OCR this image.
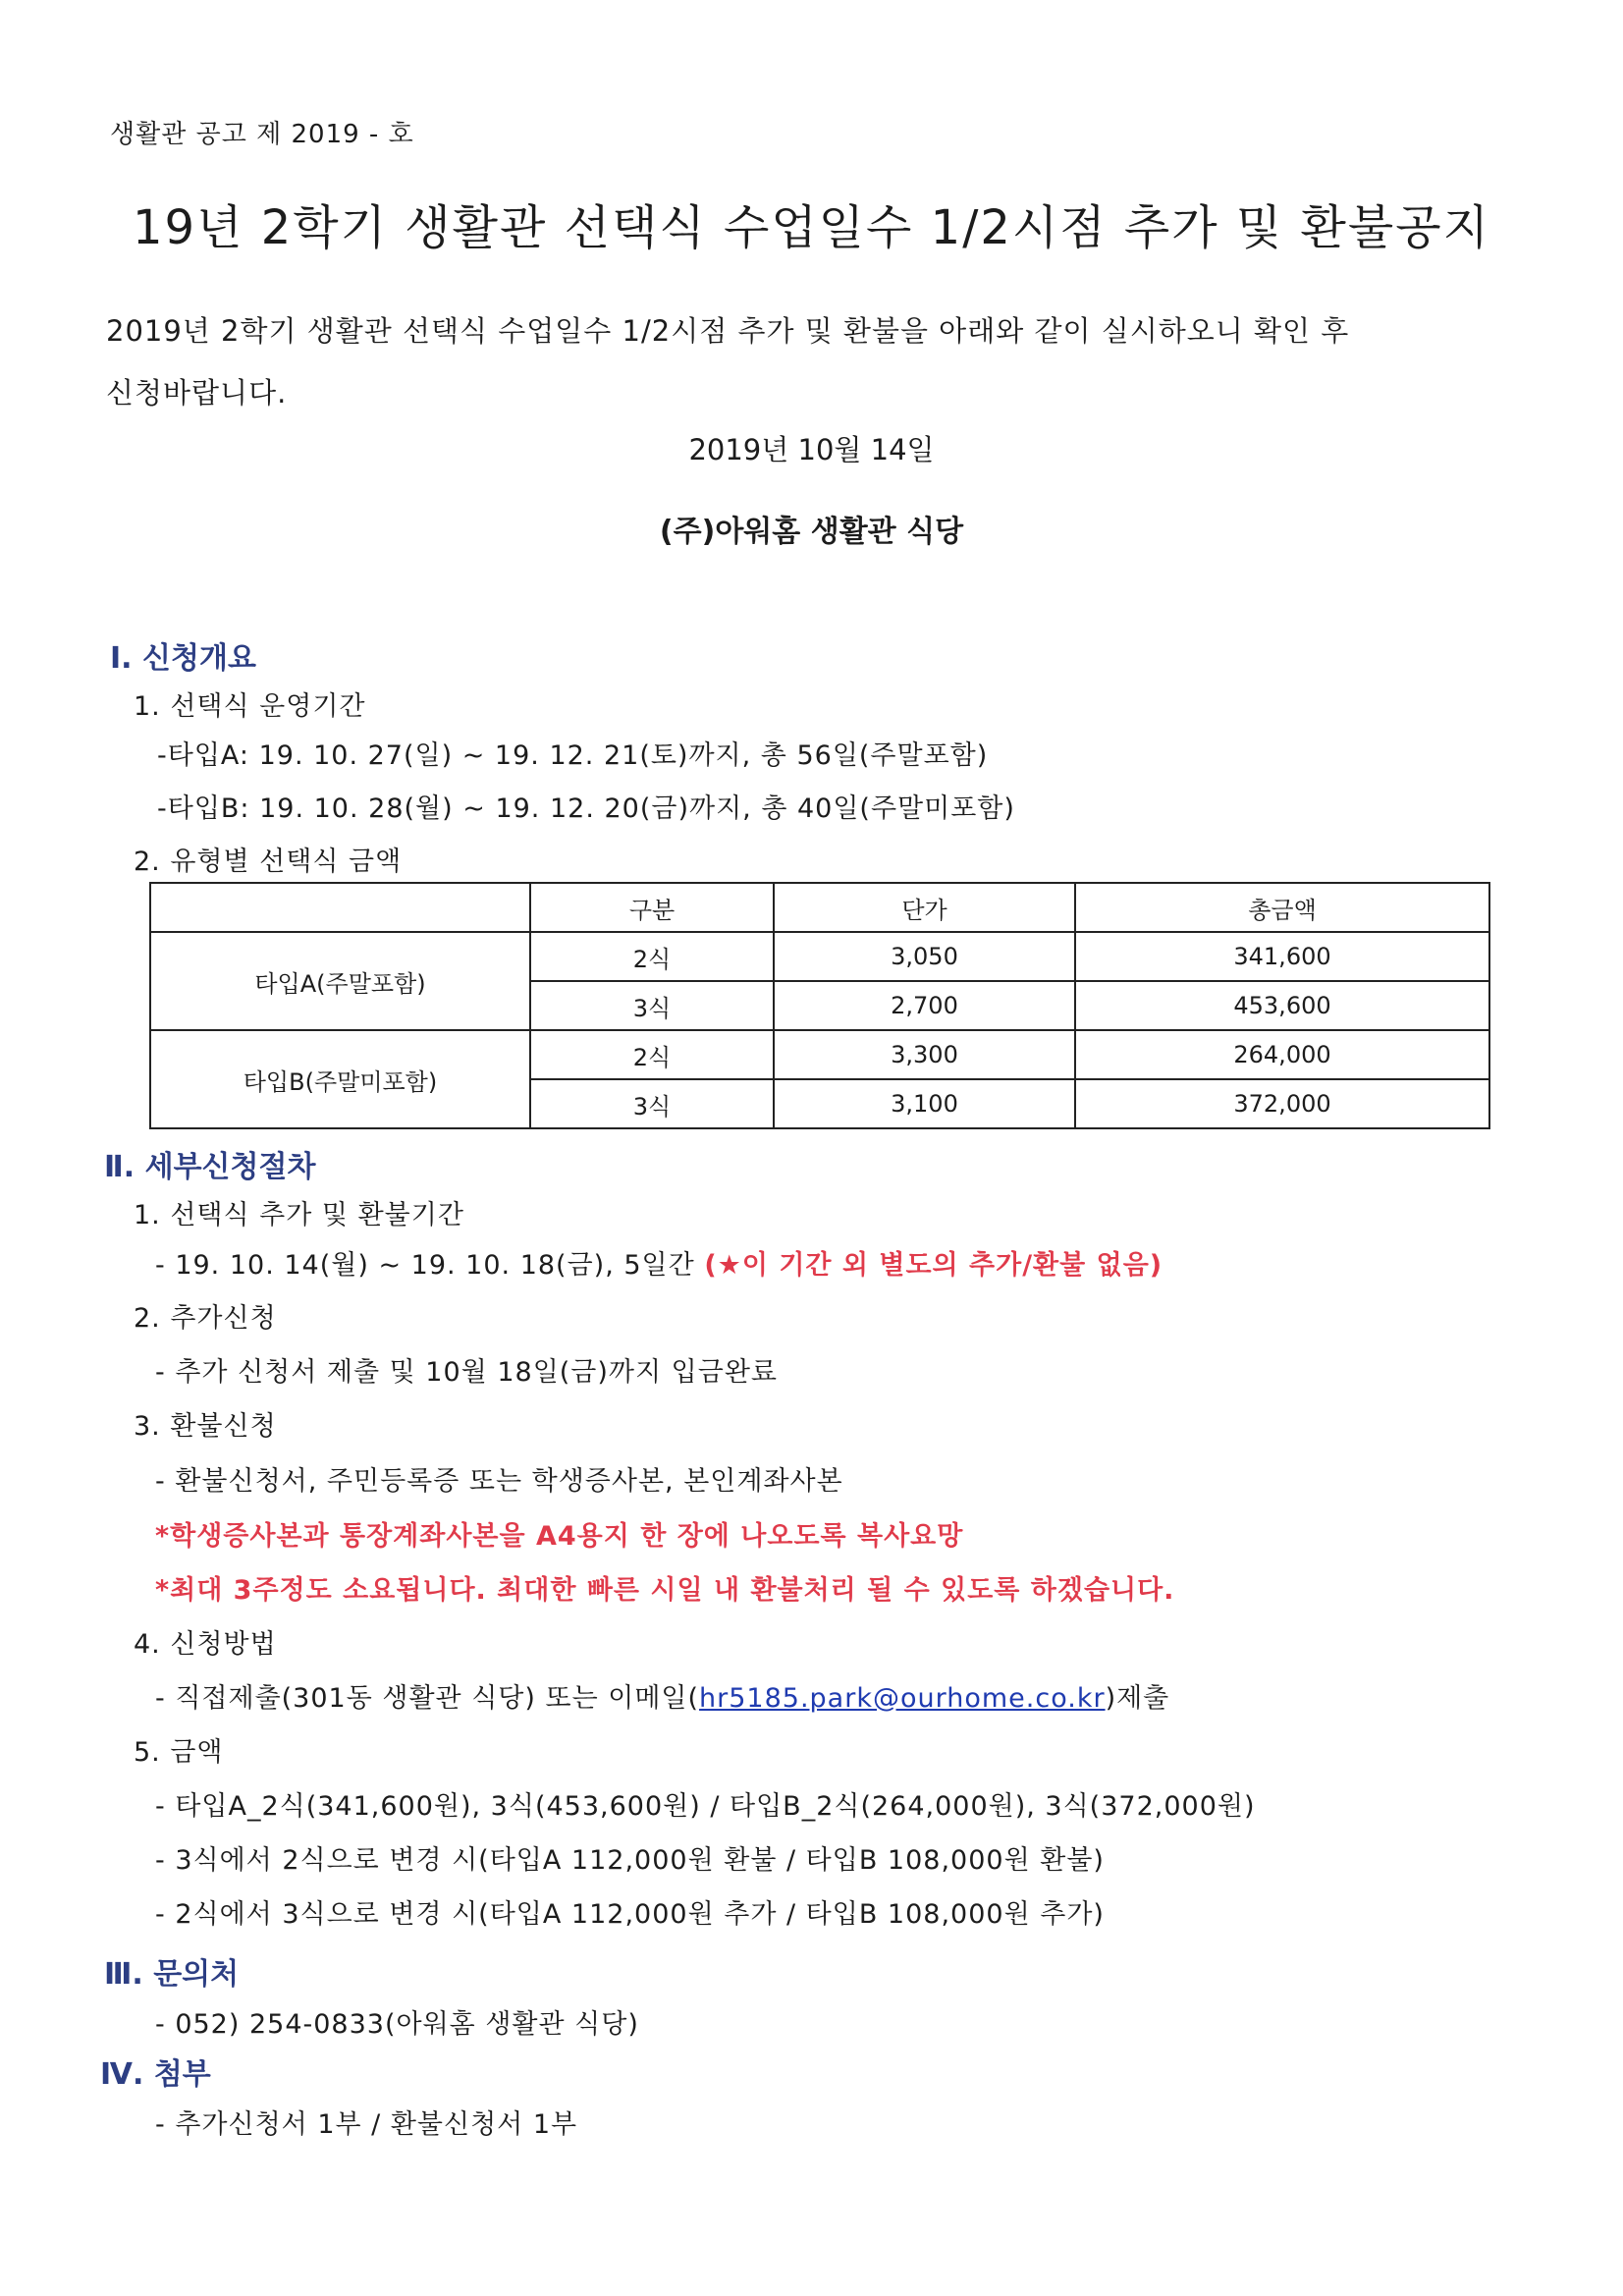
생활관 공고 제 2019 - 호
19년 2학기 생활관 선택식 수업일수 1/2시점 추가 및 환불공지
2019년 2학기 생활관 선택식 수업일수 1/2시점 추가 및 환불을 아래와 같이 실시하오니 확인 후
신청바랍니다.
2019년 10월 14일
(주)아워홈 생활관 식당
Ⅰ. 신청개요
1. 선택식 운영기간
-타입A: 19. 10. 27(일) ~ 19. 12. 21(토)까지, 총 56일(주말포함)
-타입B: 19. 10. 28(월) ~ 19. 12. 20(금)까지, 총 40일(주말미포함)
2. 유형별 선택식 금액
	구분	단가	총금액
타입A(주말포함)	2식	3,050	341,600
	3식	2,700	453,600
타입B(주말미포함)	2식	3,300	264,000
	3식	3,100	372,000
Ⅱ. 세부신청절차
1. 선택식 추가 및 환불기간
- 19. 10. 14(월) ~ 19. 10. 18(금), 5일간 (★이 기간 외 별도의 추가/환불 없음)
2. 추가신청
- 추가 신청서 제출 및 10월 18일(금)까지 입금완료
3. 환불신청
- 환불신청서, 주민등록증 또는 학생증사본, 본인계좌사본
*학생증사본과 통장계좌사본을 A4용지 한 장에 나오도록 복사요망
*최대 3주정도 소요됩니다. 최대한 빠른 시일 내 환불처리 될 수 있도록 하겠습니다.
4. 신청방법
- 직접제출(301동 생활관 식당) 또는 이메일(hr5185.park@ourhome.co.kr)제출
5. 금액
- 타입A_2식(341,600원), 3식(453,600원) / 타입B_2식(264,000원), 3식(372,000원)
- 3식에서 2식으로 변경 시(타입A 112,000원 환불 / 타입B 108,000원 환불)
- 2식에서 3식으로 변경 시(타입A 112,000원 추가 / 타입B 108,000원 추가)
Ⅲ. 문의처
- 052) 254-0833(아워홈 생활관 식당)
Ⅳ. 첨부
- 추가신청서 1부 / 환불신청서 1부
